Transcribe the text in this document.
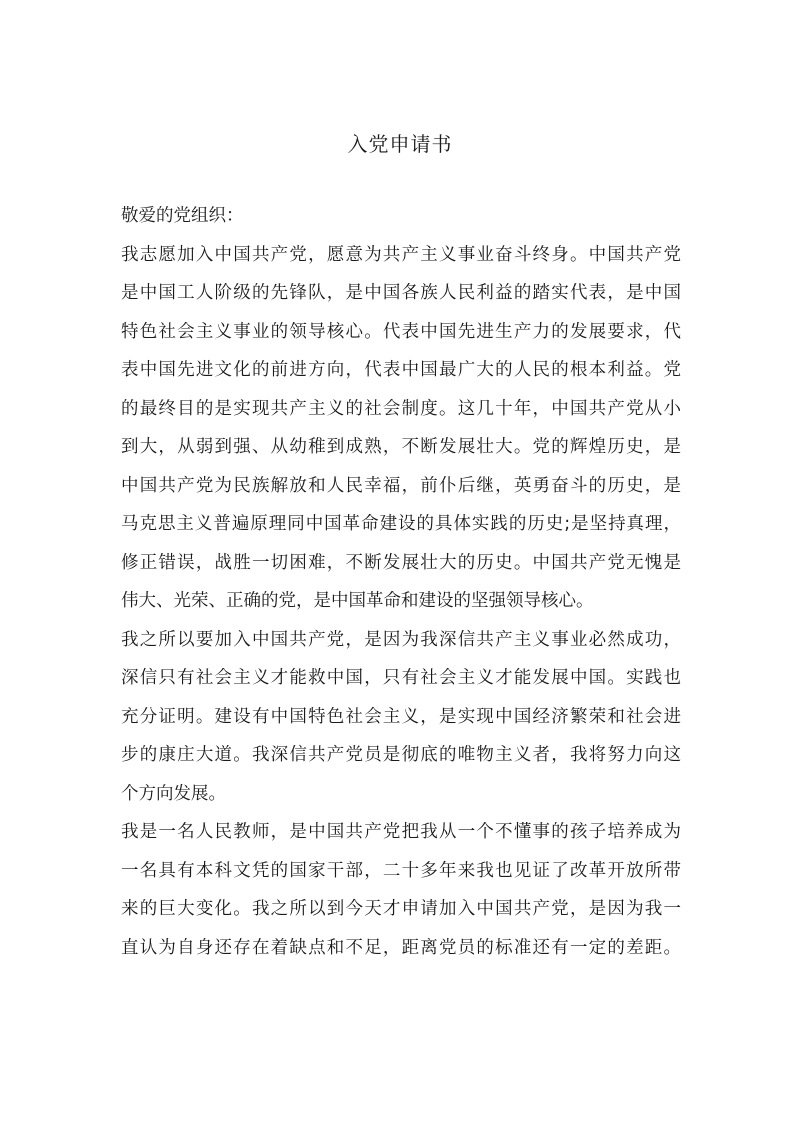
入党申请书
敬爱的党组织：
我志愿加入中国共产党，愿意为共产主义事业奋斗终身。中国共产党
是中国工人阶级的先锋队，是中国各族人民利益的踏实代表，是中国
特色社会主义事业的领导核心。代表中国先进生产力的发展要求，代
表中国先进文化的前进方向，代表中国最广大的人民的根本利益。党
的最终目的是实现共产主义的社会制度。这几十年，中国共产党从小
到大，从弱到强、从幼稚到成熟，不断发展壮大。党的辉煌历史，是
中国共产党为民族解放和人民幸福，前仆后继，英勇奋斗的历史，是
马克思主义普遍原理同中国革命建设的具体实践的历史;是坚持真理，
修正错误，战胜一切困难，不断发展壮大的历史。中国共产党无愧是
伟大、光荣、正确的党，是中国革命和建设的坚强领导核心。
我之所以要加入中国共产党，是因为我深信共产主义事业必然成功，
深信只有社会主义才能救中国，只有社会主义才能发展中国。实践也
充分证明。建设有中国特色社会主义，是实现中国经济繁荣和社会进
步的康庄大道。我深信共产党员是彻底的唯物主义者，我将努力向这
个方向发展。
我是一名人民教师，是中国共产党把我从一个不懂事的孩子培养成为
一名具有本科文凭的国家干部，二十多年来我也见证了改革开放所带
来的巨大变化。我之所以到今天才申请加入中国共产党，是因为我一
直认为自身还存在着缺点和不足，距离党员的标准还有一定的差距。
